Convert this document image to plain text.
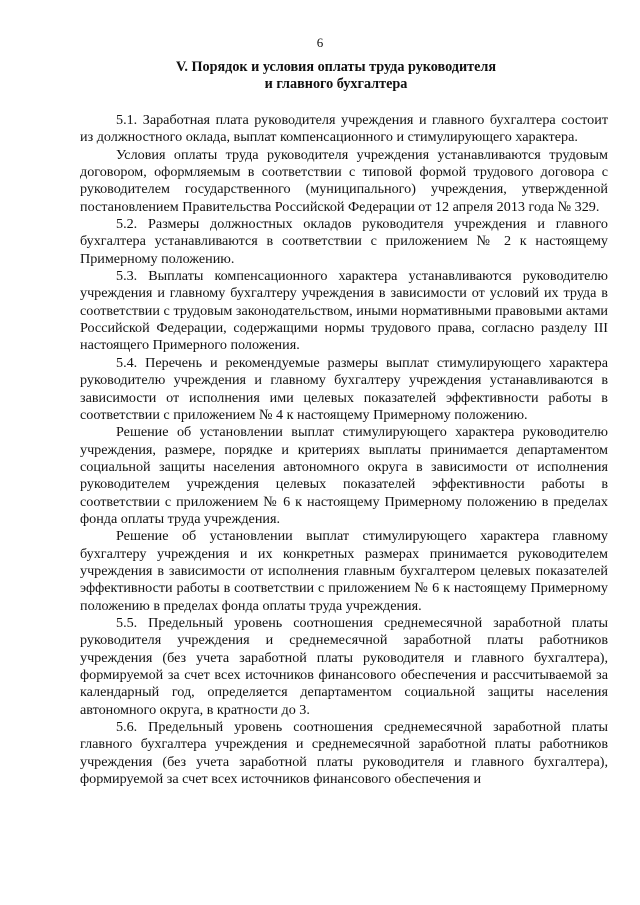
6
V. Порядок и условия оплаты труда руководителя
и главного бухгалтера

5.1. Заработная плата руководителя учреждения и главного бухгалтера состоит из должностного оклада, выплат компенсационного и стимулирующего характера.

Условия оплаты труда руководителя учреждения устанавливаются трудовым договором, оформляемым в соответствии с типовой формой трудового договора с руководителем государственного (муниципального) учреждения, утвержденной постановлением Правительства Российской Федерации от 12 апреля 2013 года № 329.

5.2. Размеры должностных окладов руководителя учреждения и главного бухгалтера устанавливаются в соответствии с приложением № 2 к настоящему Примерному положению.

5.3. Выплаты компенсационного характера устанавливаются руководителю учреждения и главному бухгалтеру учреждения в зависимости от условий их труда в соответствии с трудовым законодательством, иными нормативными правовыми актами Российской Федерации, содержащими нормы трудового права, согласно разделу III настоящего Примерного положения.

5.4. Перечень и рекомендуемые размеры выплат стимулирующего характера руководителю учреждения и главному бухгалтеру учреждения устанавливаются в зависимости от исполнения ими целевых показателей эффективности работы в соответствии с приложением № 4 к настоящему Примерному положению.

Решение об установлении выплат стимулирующего характера руководителю учреждения, размере, порядке и критериях выплаты принимается департаментом социальной защиты населения автономного округа в зависимости от исполнения руководителем учреждения целевых показателей эффективности работы в соответствии с приложением № 6 к настоящему Примерному положению в пределах фонда оплаты труда учреждения.

Решение об установлении выплат стимулирующего характера главному бухгалтеру учреждения и их конкретных размерах принимается руководителем учреждения в зависимости от исполнения главным бухгалтером целевых показателей эффективности работы в соответствии с приложением № 6 к настоящему Примерному положению в пределах фонда оплаты труда учреждения.

5.5. Предельный уровень соотношения среднемесячной заработной платы руководителя учреждения и среднемесячной заработной платы работников учреждения (без учета заработной платы руководителя и главного бухгалтера), формируемой за счет всех источников финансового обеспечения и рассчитываемой за календарный год, определяется департаментом социальной защиты населения автономного округа, в кратности до 3.

5.6. Предельный уровень соотношения среднемесячной заработной платы главного бухгалтера учреждения и среднемесячной заработной платы работников учреждения (без учета заработной платы руководителя и главного бухгалтера), формируемой за счет всех источников финансового обеспечения и
